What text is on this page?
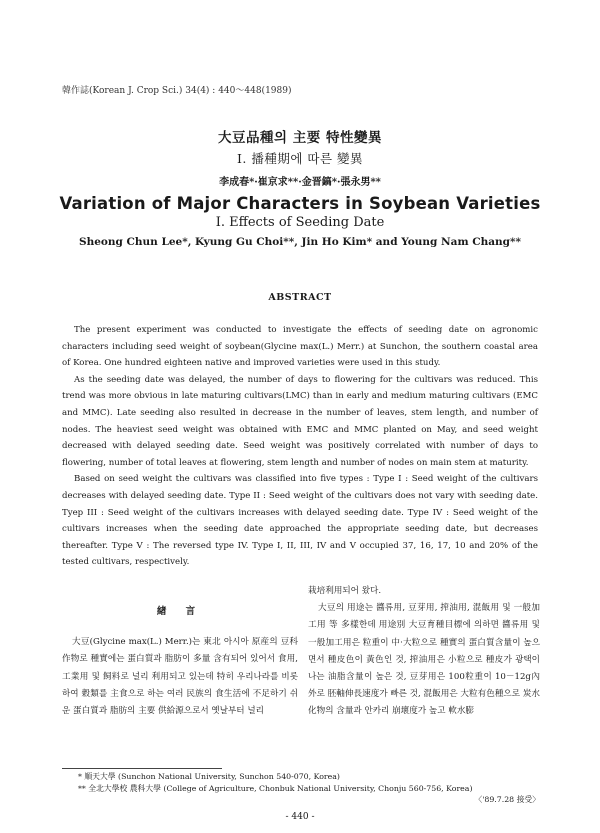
韓作誌(Korean J. Crop Sci.) 34(4) : 440～448(1989)
大豆品種의 主要 特性變異
I. 播種期에 따른 變異
李成春*·崔京求**·金晋鎬*·張永男**
Variation of Major Characters in Soybean Varieties
I. Effects of Seeding Date
Sheong Chun Lee*, Kyung Gu Choi**, Jin Ho Kim* and Young Nam Chang**
ABSTRACT

The present experiment was conducted to investigate the effects of seeding date on agronomic characters including seed weight of soybean(Glycine max(L.) Merr.) at Sunchon, the southern coastal area of Korea. One hundred eighteen native and improved varieties were used in this study.

As the seeding date was delayed, the number of days to flowering for the cultivars was reduced. This trend was more obvious in late maturing cultivars(LMC) than in early and medium maturing cultivars (EMC and MMC). Late seeding also resulted in decrease in the number of leaves, stem length, and number of nodes. The heaviest seed weight was obtained with EMC and MMC planted on May, and seed weight decreased with delayed seeding date. Seed weight was positively correlated with number of days to flowering, number of total leaves at flowering, stem length and number of nodes on main stem at maturity.

Based on seed weight the cultivars was classified into five types : Type I : Seed weight of the cultivars decreases with delayed seeding date. Type II : Seed weight of the cultivars does not vary with seeding date. Tyep III : Seed weight of the cultivars increases with delayed seeding date. Type IV : Seed weight of the cultivars increases when the seeding date approached the appropriate seeding date, but decreases thereafter. Type V : The reversed type IV. Type I, II, III, IV and V occupied 37, 16, 17, 10 and 20% of the tested cultivars, respectively.

緖 言

大豆(Glycine max(L.) Merr.)는 東北 아시아 原産의 豆科作物로 種實에는 蛋白質과 脂肪이 多量 含有되어 있어서 食用, 工業用 및 飼料로 널리 利用되고 있는데 特히 우리나라를 비롯하여 穀類를 主食으로 하는 여러 民族의 食生活에 不足하기 쉬운 蛋白質과 脂肪의 主要 供給源으로서 옛날부터 널리

栽培利用되어 왔다.

大豆의 用途는 醬류用, 豆芽用, 搾油用, 混飯用 및 一般加工用 等 多樣한데 用途別 大豆育種目標에 의하면 醬류用 및 一般加工用은 粒重이 中·大粒으로 種實의 蛋白質含量이 높으면서 種皮色이 黃色인 것, 搾油用은 小粒으로 種皮가 광택이 나는 油脂含量이 높은 것, 豆芽用은 100粒重이 10－12g內外로 胚軸伸長速度가 빠른 것, 混飯用은 大粒有色種으로 炭水化物의 含量과 안카리 崩壞度가 높고 軟水膨

* 順天大學 (Sunchon National University, Sunchon 540-070, Korea)
** 全北大學校 農科大學 (College of Agriculture, Chonbuk National University, Chonju 560-756, Korea)
〈'89.7.28 接受〉
- 440 -
